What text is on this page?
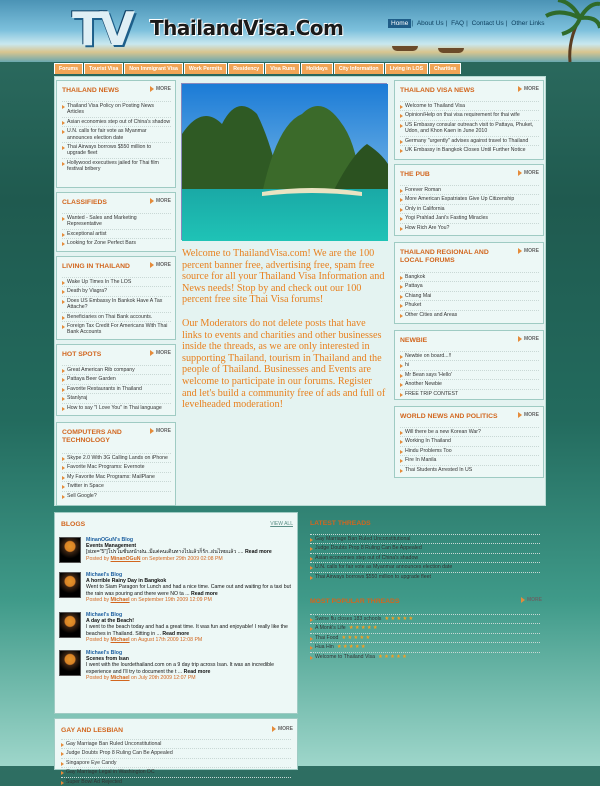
TV ThailandVisa.Com	Home | About Us | FAQ | Contact Us | Other Links
Forums	Tourist Visa	Non Immigrant Visa	Work Permits	Residency	Visa Runs	Holidays	City Information	Living in LOS	Charities
THAILAND NEWS	MORE
Thailand Visa Policy on Posting News Articles
Asian economies step out of China's shadow
U.N. calls for fair vote as Myanmar announces election date
Thai Airways borrows $550 million to upgrade fleet
Hollywood executives jailed for Thai film festival bribery
CLASSIFIEDS	MORE
Wanted - Sales and Marketing Representative
Exceptional artist
Looking for Zone Perfect Bars
LIVING IN THAILAND	MORE
Wake Up Times In The LOS
Death by Viagra?
Does US Embassy In Bankok Have A Tax Attache?
Beneficiaries on Thai Bank accounts.
Foreign Tax Credit For Americans With Thai Bank Accounts
HOT SPOTS	MORE
Great American Rib company
Pattaya Beer Garden
Favorite Restaurants in Thailand
Stanlyraj
How to say "I Love You" in Thai language
COMPUTERS AND TECHNOLOGY
MORE
Skype 2.0 With 3G Calling Lands on iPhone
Favorite Mac Programs: Evernote
My Favorite Mac Programs: MailPlane
Twitter in Space
Sell Google?

Welcome to ThailandVisa.com! We are the 100 percent banner free, advertising free, spam free source for all your Thailand Visa Information and News needs! Stop by and check out our 100 percent free site Thai Visa forums!

Our Moderators do not delete posts that have links to events and charities and other businesses inside the threads, as we are only interested in supporting Thailand, tourism in Thailand and the people of Thailand. Businesses and Events are welcome to participate in our forums. Register and let's build a community free of ads and full of levelheaded moderation!

THAILAND VISA NEWS	MORE
Welcome to Thailand Visa
Opinion/Help on thai visa requirement for thai wife
US Embassy consular outreach visit to Pattaya, Phuket, Udon, and Khon Kaen in June 2010
Germany "urgently" advises against travel to Thailand
UK Embassy in Bangkok Closes Until Further Notice
THE PUB	MORE
Forever Roman
More American Expatriates Give Up Citizenship
Only in California
Yogi Prahlad Jani's Fasting Miracles
How Rich Are You?
THAILAND REGIONAL AND LOCAL FORUMS
MORE
Bangkok
Pattaya
Chiang Mai
Phuket
Other Cities and Areas
NEWBIE	MORE
Newbie on board...!!
hi
Mr Bean says 'Hello'
Another Newbie
FREE TRIP CONTEST
WORLD NEWS AND POLITICS	MORE
Will there be a new Korean War?
Working In Thailand
Hindu Problems Too
Fire In Manila
Thai Students Arrested In US
BLOGS	VIEW ALL
MinanOGuN's Blog
Events Management
[size="5"]โปรโมชั่นหน้าฝน..มีแต่คนเดินทางไปแล้วก็รัก..ฝนไทยแล้ว .... Read more
Posted by MinanOGuN on September 29th 2009 02:08 PM
Michael's Blog
A horrible Rainy Day in Bangkok
Went to Siam Paragon for Lunch and had a nice time. Came out and waiting for a taxi but the rain was pouring and there were NO ta ... Read more
Posted by Michael on September 19th 2009 12:09 PM
Michael's Blog
A day at the Beach!
I went to the beach today and had a great time. It was fun and enjoyable! I really like the beaches in Thailand. Sitting in ... Read more
Posted by Michael on August 17th 2009 12:08 PM
Michael's Blog
Scenes from Isan
I went with the lourdethailand.com on a 9 day trip across Isan. It was an incredible experience and I'll try to document the t ... Read more
Posted by Michael on July 20th 2009 12:07 PM
LATEST THREADS
Gay Marriage Ban Ruled Unconstitutional
Judge Doubts Prop 8 Ruling Can Be Appealed
Asian economies step out of China's shadow
U.N. calls for fair vote as Myanmar announces election date
Thai Airways borrows $550 million to upgrade fleet
MOST POPULAR THREADS	MORE
Swine flu closes 183 schools ★★★★★
A Monk's Life ★★★★★
Thai Food ★★★★★
Hua Hin ★★★★★
Welcome to Thailand Visa ★★★★★
GAY AND LESBIAN	MORE
Gay Marriage Ban Ruled Unconstitutional
Judge Doubts Prop 8 Ruling Can Be Appealed
Singapore Eye Candy
Gay Marriage Legal in Washington DC
Super Bowl Ad Rejected
